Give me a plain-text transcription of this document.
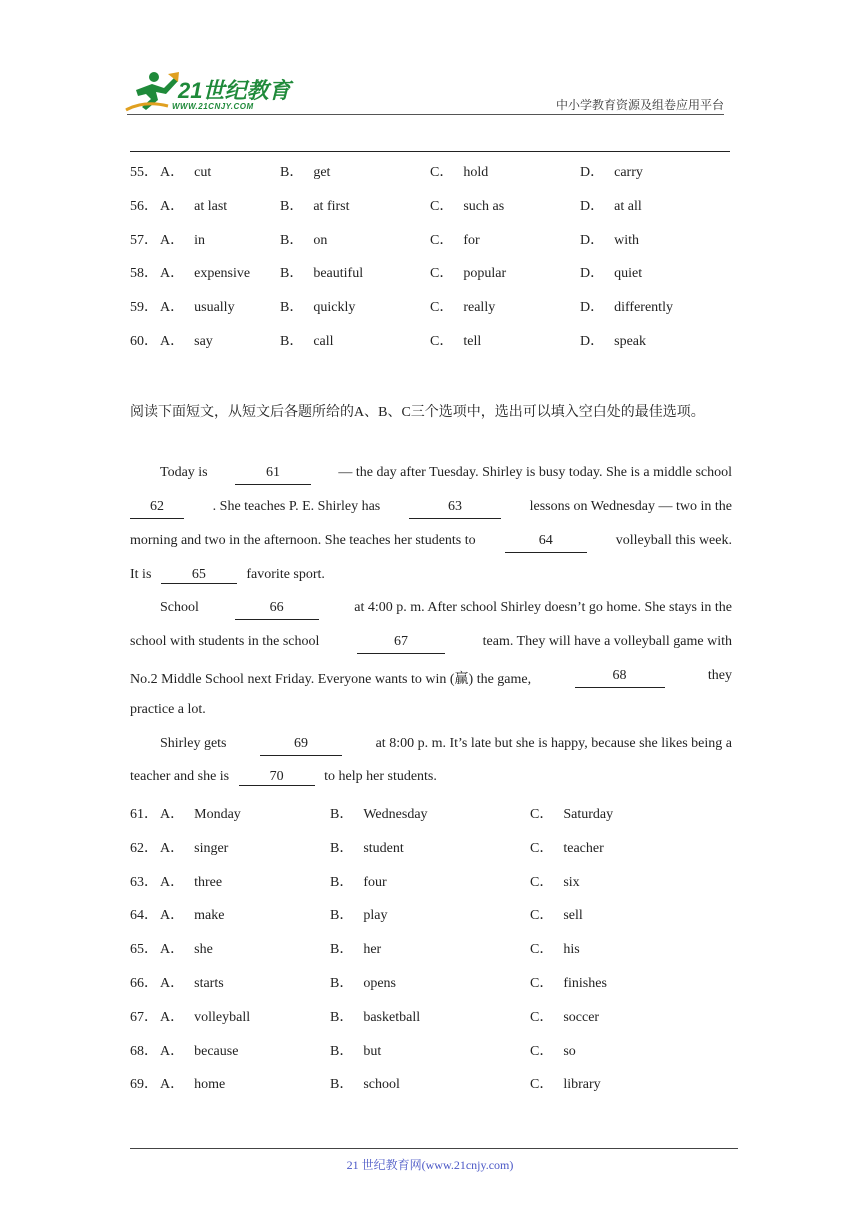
21世纪教育
WWW.21CNJY.COM	中小学教育资源及组卷应用平台
55． A． cut	B． get	C． hold	D． carry
56． A． at last	B． at first	C． such as	D． at all
57． A． in	B． on	C． for	D． with
58． A． expensive B． beautiful	C． popular	D． quiet
59． A． usually	B． quickly	C． really	D． differently
60． A． say	B． call	C． tell	D． speak
阅读下面短文，从短文后各题所给的A、B、C三个选项中，选出可以填入空白处的最佳选项。
Today is	61	— the day after Tuesday. Shirley is busy today. She is a middle school
62	. She teaches P. E. Shirley has	63	lessons on Wednesday — two in the
morning and two in the afternoon. She teaches her students to	64	volleyball this week.
It is	65	favorite sport.
School	66	at 4:00 p. m. After school Shirley doesn’t go home. She stays in the
school with students in the school	67	team. They will have a volleyball game with
No.2 Middle School next Friday. Everyone wants to win (赢) the game,	68	they
practice a lot.
Shirley gets	69	at 8:00 p. m. It’s late but she is happy, because she likes being a
teacher and she is	70	to help her students.
61． A． Monday	B． Wednesday	C． Saturday
62． A． singer	B． student	C． teacher
63． A． three	B． four	C． six
64． A． make	B． play	C． sell
65． A． she	B． her	C． his
66． A． starts	B． opens	C． finishes
67． A． volleyball	B． basketball	C． soccer
68． A． because	B． but	C． so
69． A． home	B． school	C． library
21 世纪教育网(www.21cnjy.com)
